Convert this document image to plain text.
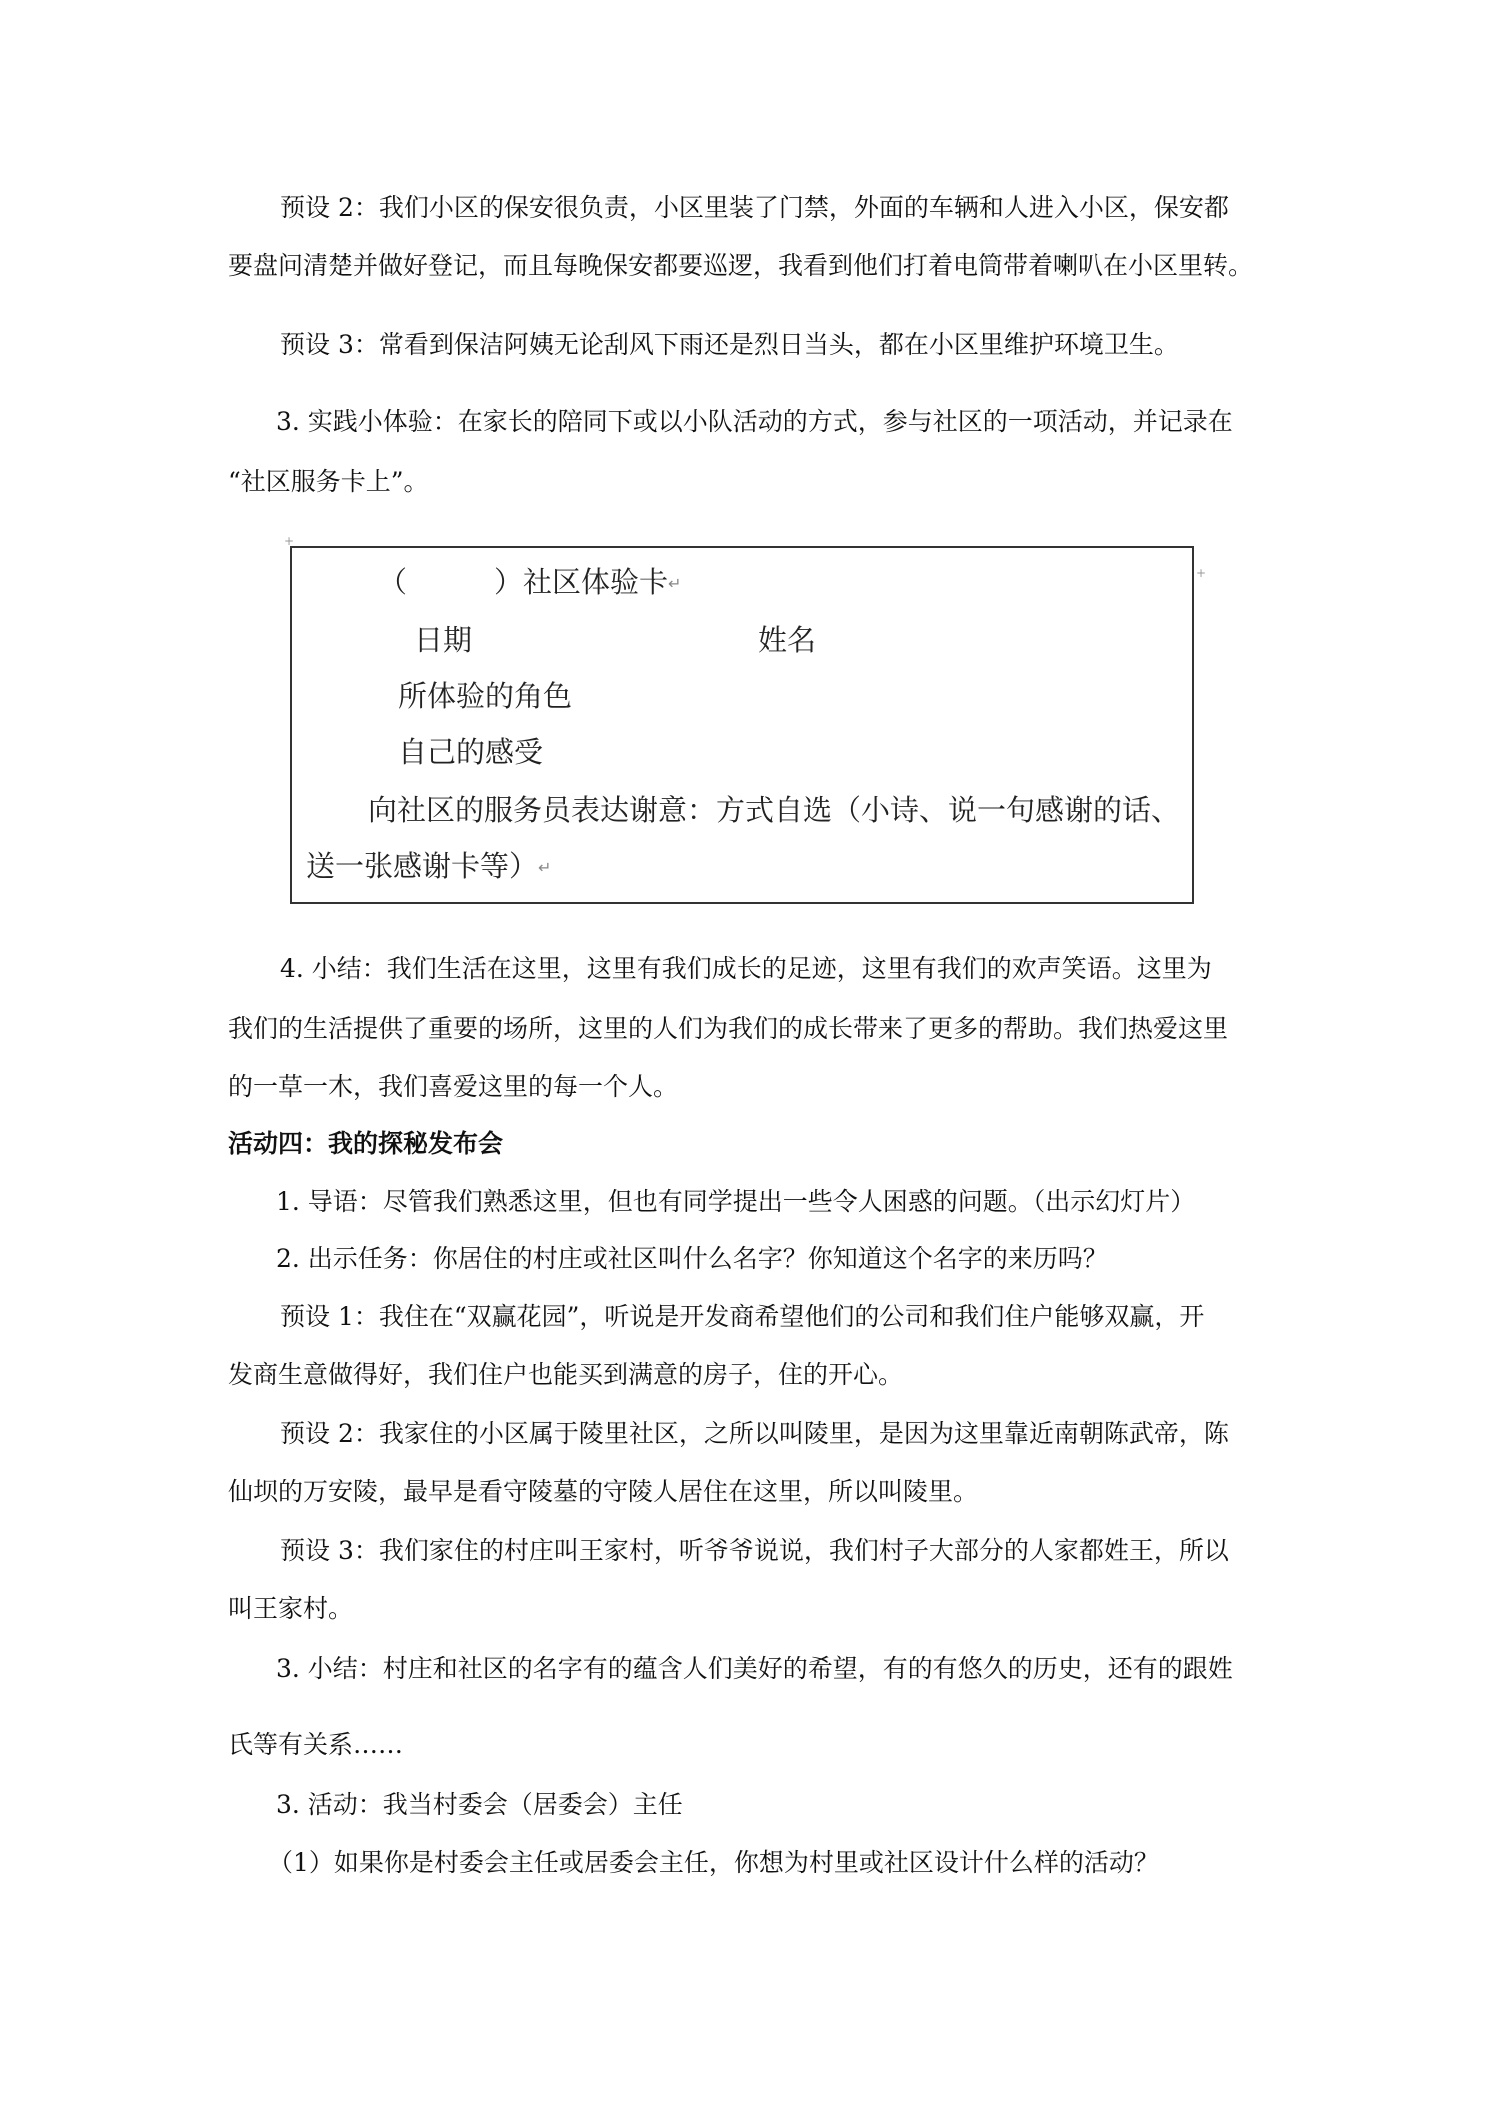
预设 2：我们小区的保安很负责，小区里装了门禁，外面的车辆和人进入小区，保安都
要盘问清楚并做好登记，而且每晚保安都要巡逻，我看到他们打着电筒带着喇叭在小区里转。
预设 3：常看到保洁阿姨无论刮风下雨还是烈日当头，都在小区里维护环境卫生。
3. 实践小体验：在家长的陪同下或以小队活动的方式，参与社区的一项活动，并记录在
“社区服务卡上”。
+
+
（　　　）社区体验卡↵
日期	姓名
所体验的角色
自己的感受
向社区的服务员表达谢意：方式自选（小诗、说一句感谢的话、
送一张感谢卡等）↵
4. 小结：我们生活在这里，这里有我们成长的足迹，这里有我们的欢声笑语。这里为
我们的生活提供了重要的场所，这里的人们为我们的成长带来了更多的帮助。我们热爱这里
的一草一木，我们喜爱这里的每一个人。
活动四：我的探秘发布会
1. 导语：尽管我们熟悉这里，但也有同学提出一些令人困惑的问题。（出示幻灯片）
2. 出示任务：你居住的村庄或社区叫什么名字？你知道这个名字的来历吗？
预设 1：我住在“双赢花园”，听说是开发商希望他们的公司和我们住户能够双赢，开
发商生意做得好，我们住户也能买到满意的房子，住的开心。
预设 2：我家住的小区属于陵里社区，之所以叫陵里，是因为这里靠近南朝陈武帝，陈
仙坝的万安陵，最早是看守陵墓的守陵人居住在这里，所以叫陵里。
预设 3：我们家住的村庄叫王家村，听爷爷说说，我们村子大部分的人家都姓王，所以
叫王家村。
3. 小结：村庄和社区的名字有的蕴含人们美好的希望，有的有悠久的历史，还有的跟姓
氏等有关系……
3. 活动：我当村委会（居委会）主任
（1）如果你是村委会主任或居委会主任，你想为村里或社区设计什么样的活动？
